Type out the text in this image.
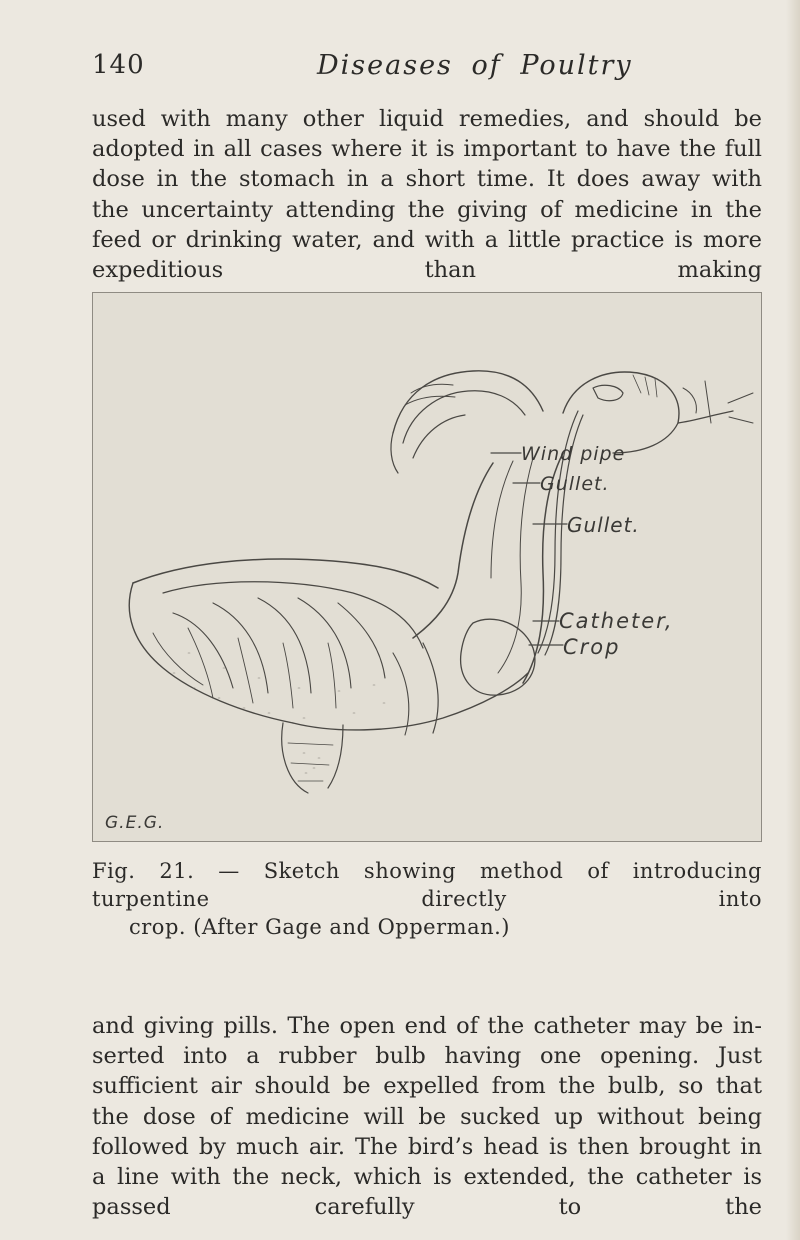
140	Diseases of Poultry

used with many other liquid remedies, and should be adopted in all cases where it is important to have the full dose in the stomach in a short time. It does away with the uncertainty attending the giving of medicine in the feed or drinking water, and with a little practice is more expeditious than making

Wind pipe
Gullet.
Gullet.
Catheter,
Crop
G.E.G.

Fig. 21. — Sketch showing method of introducing turpentine directly into
crop. (After Gage and Opperman.)

and giving pills. The open end of the catheter may be in- serted into a rubber bulb having one opening. Just sufficient air should be expelled from the bulb, so that the dose of medicine will be sucked up without being followed by much air. The bird’s head is then brought in a line with the neck, which is extended, the catheter is passed carefully to the
